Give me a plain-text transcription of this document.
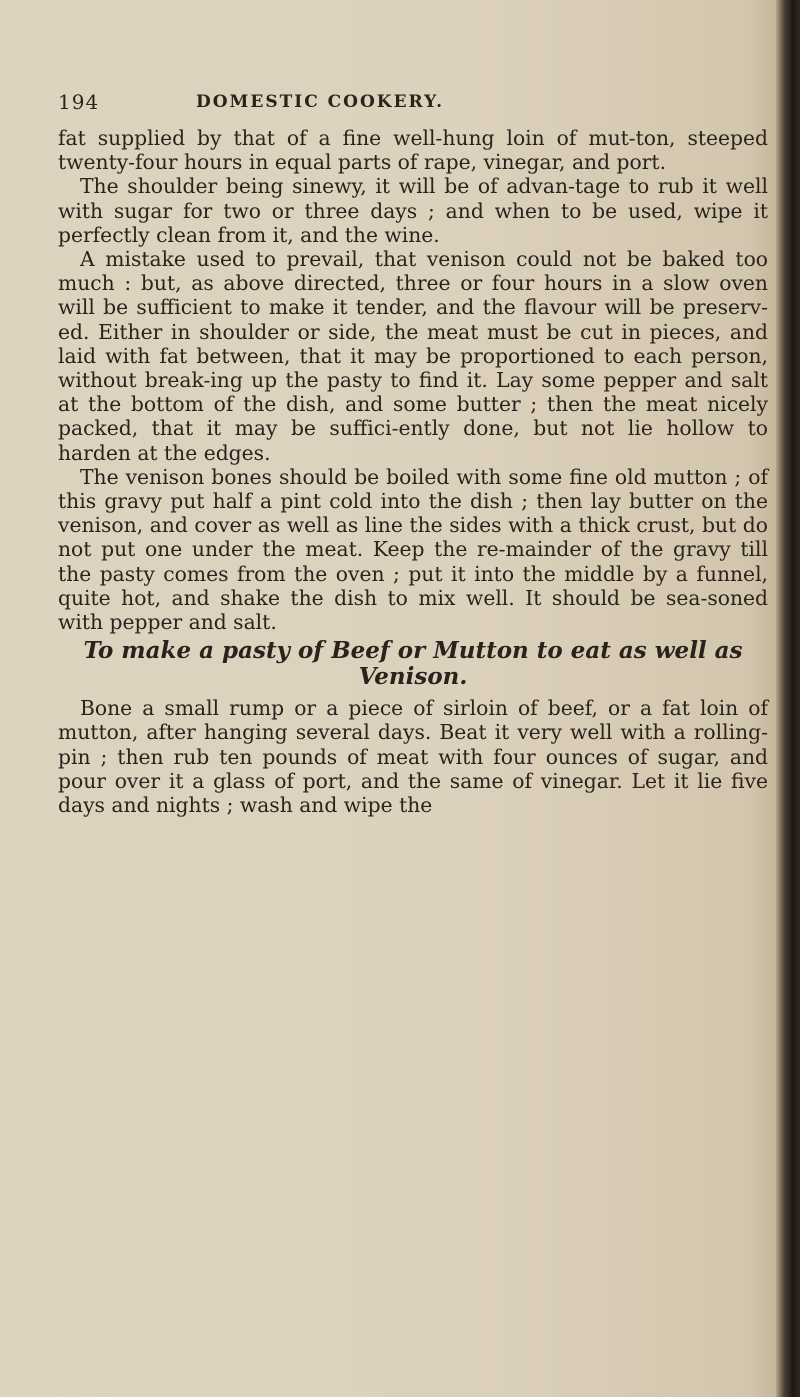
194	DOMESTIC COOKERY.

fat supplied by that of a fine well-hung loin of mut-ton, steeped twenty-four hours in equal parts of rape, vinegar, and port.

The shoulder being sinewy, it will be of advan-tage to rub it well with sugar for two or three days ; and when to be used, wipe it perfectly clean from it, and the wine.

A mistake used to prevail, that venison could not be baked too much : but, as above directed, three or four hours in a slow oven will be sufficient to make it tender, and the flavour will be preserv-ed. Either in shoulder or side, the meat must be cut in pieces, and laid with fat between, that it may be proportioned to each person, without break-ing up the pasty to find it. Lay some pepper and salt at the bottom of the dish, and some butter ; then the meat nicely packed, that it may be suffici-ently done, but not lie hollow to harden at the edges.

The venison bones should be boiled with some fine old mutton ; of this gravy put half a pint cold into the dish ; then lay butter on the venison, and cover as well as line the sides with a thick crust, but do not put one under the meat. Keep the re-mainder of the gravy till the pasty comes from the oven ; put it into the middle by a funnel, quite hot, and shake the dish to mix well. It should be sea-soned with pepper and salt.

To make a pasty of Beef or Mutton to eat as well as Venison.

Bone a small rump or a piece of sirloin of beef, or a fat loin of mutton, after hanging several days. Beat it very well with a rolling-pin ; then rub ten pounds of meat with four ounces of sugar, and pour over it a glass of port, and the same of vinegar. Let it lie five days and nights ; wash and wipe the
